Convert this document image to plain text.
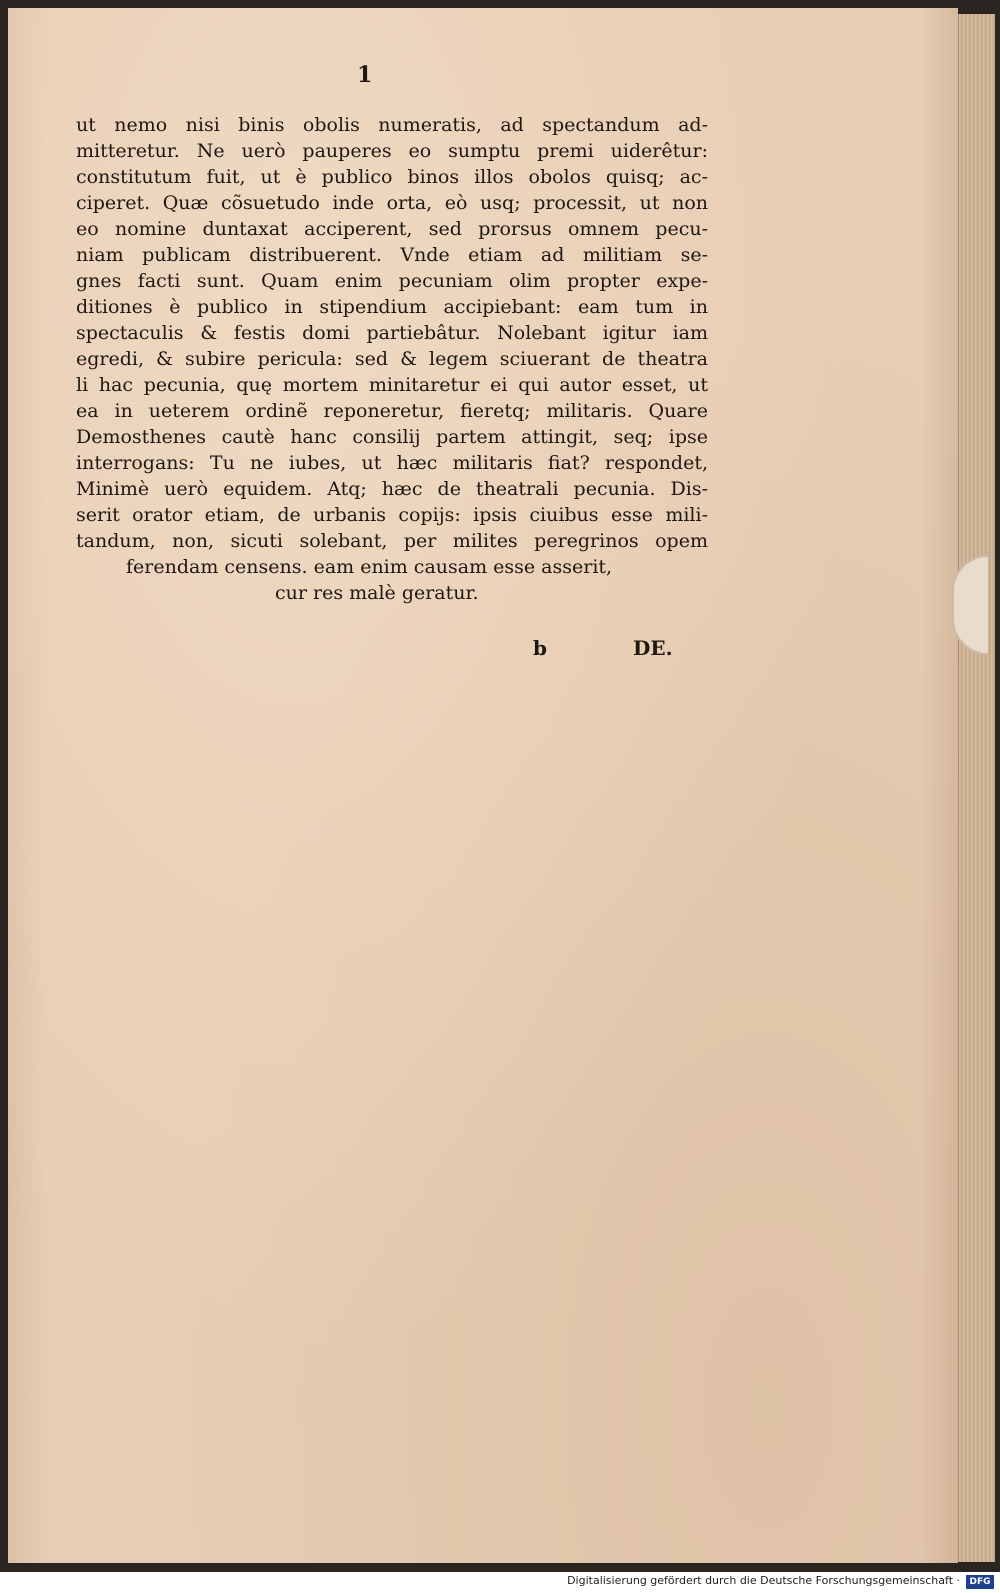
1
ut nemo nisi binis obolis numeratis, ad spectandum ad-
mitteretur. Ne uerò pauperes eo sumptu premi uiderêtur:
constitutum fuit, ut è publico binos illos obolos quisq; ac-
ciperet. Quæ cõsuetudo inde orta, eò usq; processit, ut non
eo nomine duntaxat acciperent, sed prorsus omnem pecu-
niam publicam distribuerent. Vnde etiam ad militiam se-
gnes facti sunt. Quam enim pecuniam olim propter expe-
ditiones è publico in stipendium accipiebant: eam tum in
spectaculis & festis domi partiebâtur. Nolebant igitur iam
egredi, & subire pericula: sed & legem sciuerant de theatra
li hac pecunia, quę mortem minitaretur ei qui autor esset, ut
ea in ueterem ordinẽ reponeretur, fieretq; militaris. Quare
Demosthenes cautè hanc consilij partem attingit, seq; ipse
interrogans: Tu ne iubes, ut hæc militaris fiat? respondet,
Minimè uerò equidem. Atq; hæc de theatrali pecunia. Dis-
serit orator etiam, de urbanis copijs: ipsis ciuibus esse mili-
tandum, non, sicuti solebant, per milites peregrinos opem
ferendam censens. eam enim causam esse asserit,
cur res malè geratur.
b	DE.
Digitalisierung gefördert durch die Deutsche Forschungsgemeinschaft ·	DFG
